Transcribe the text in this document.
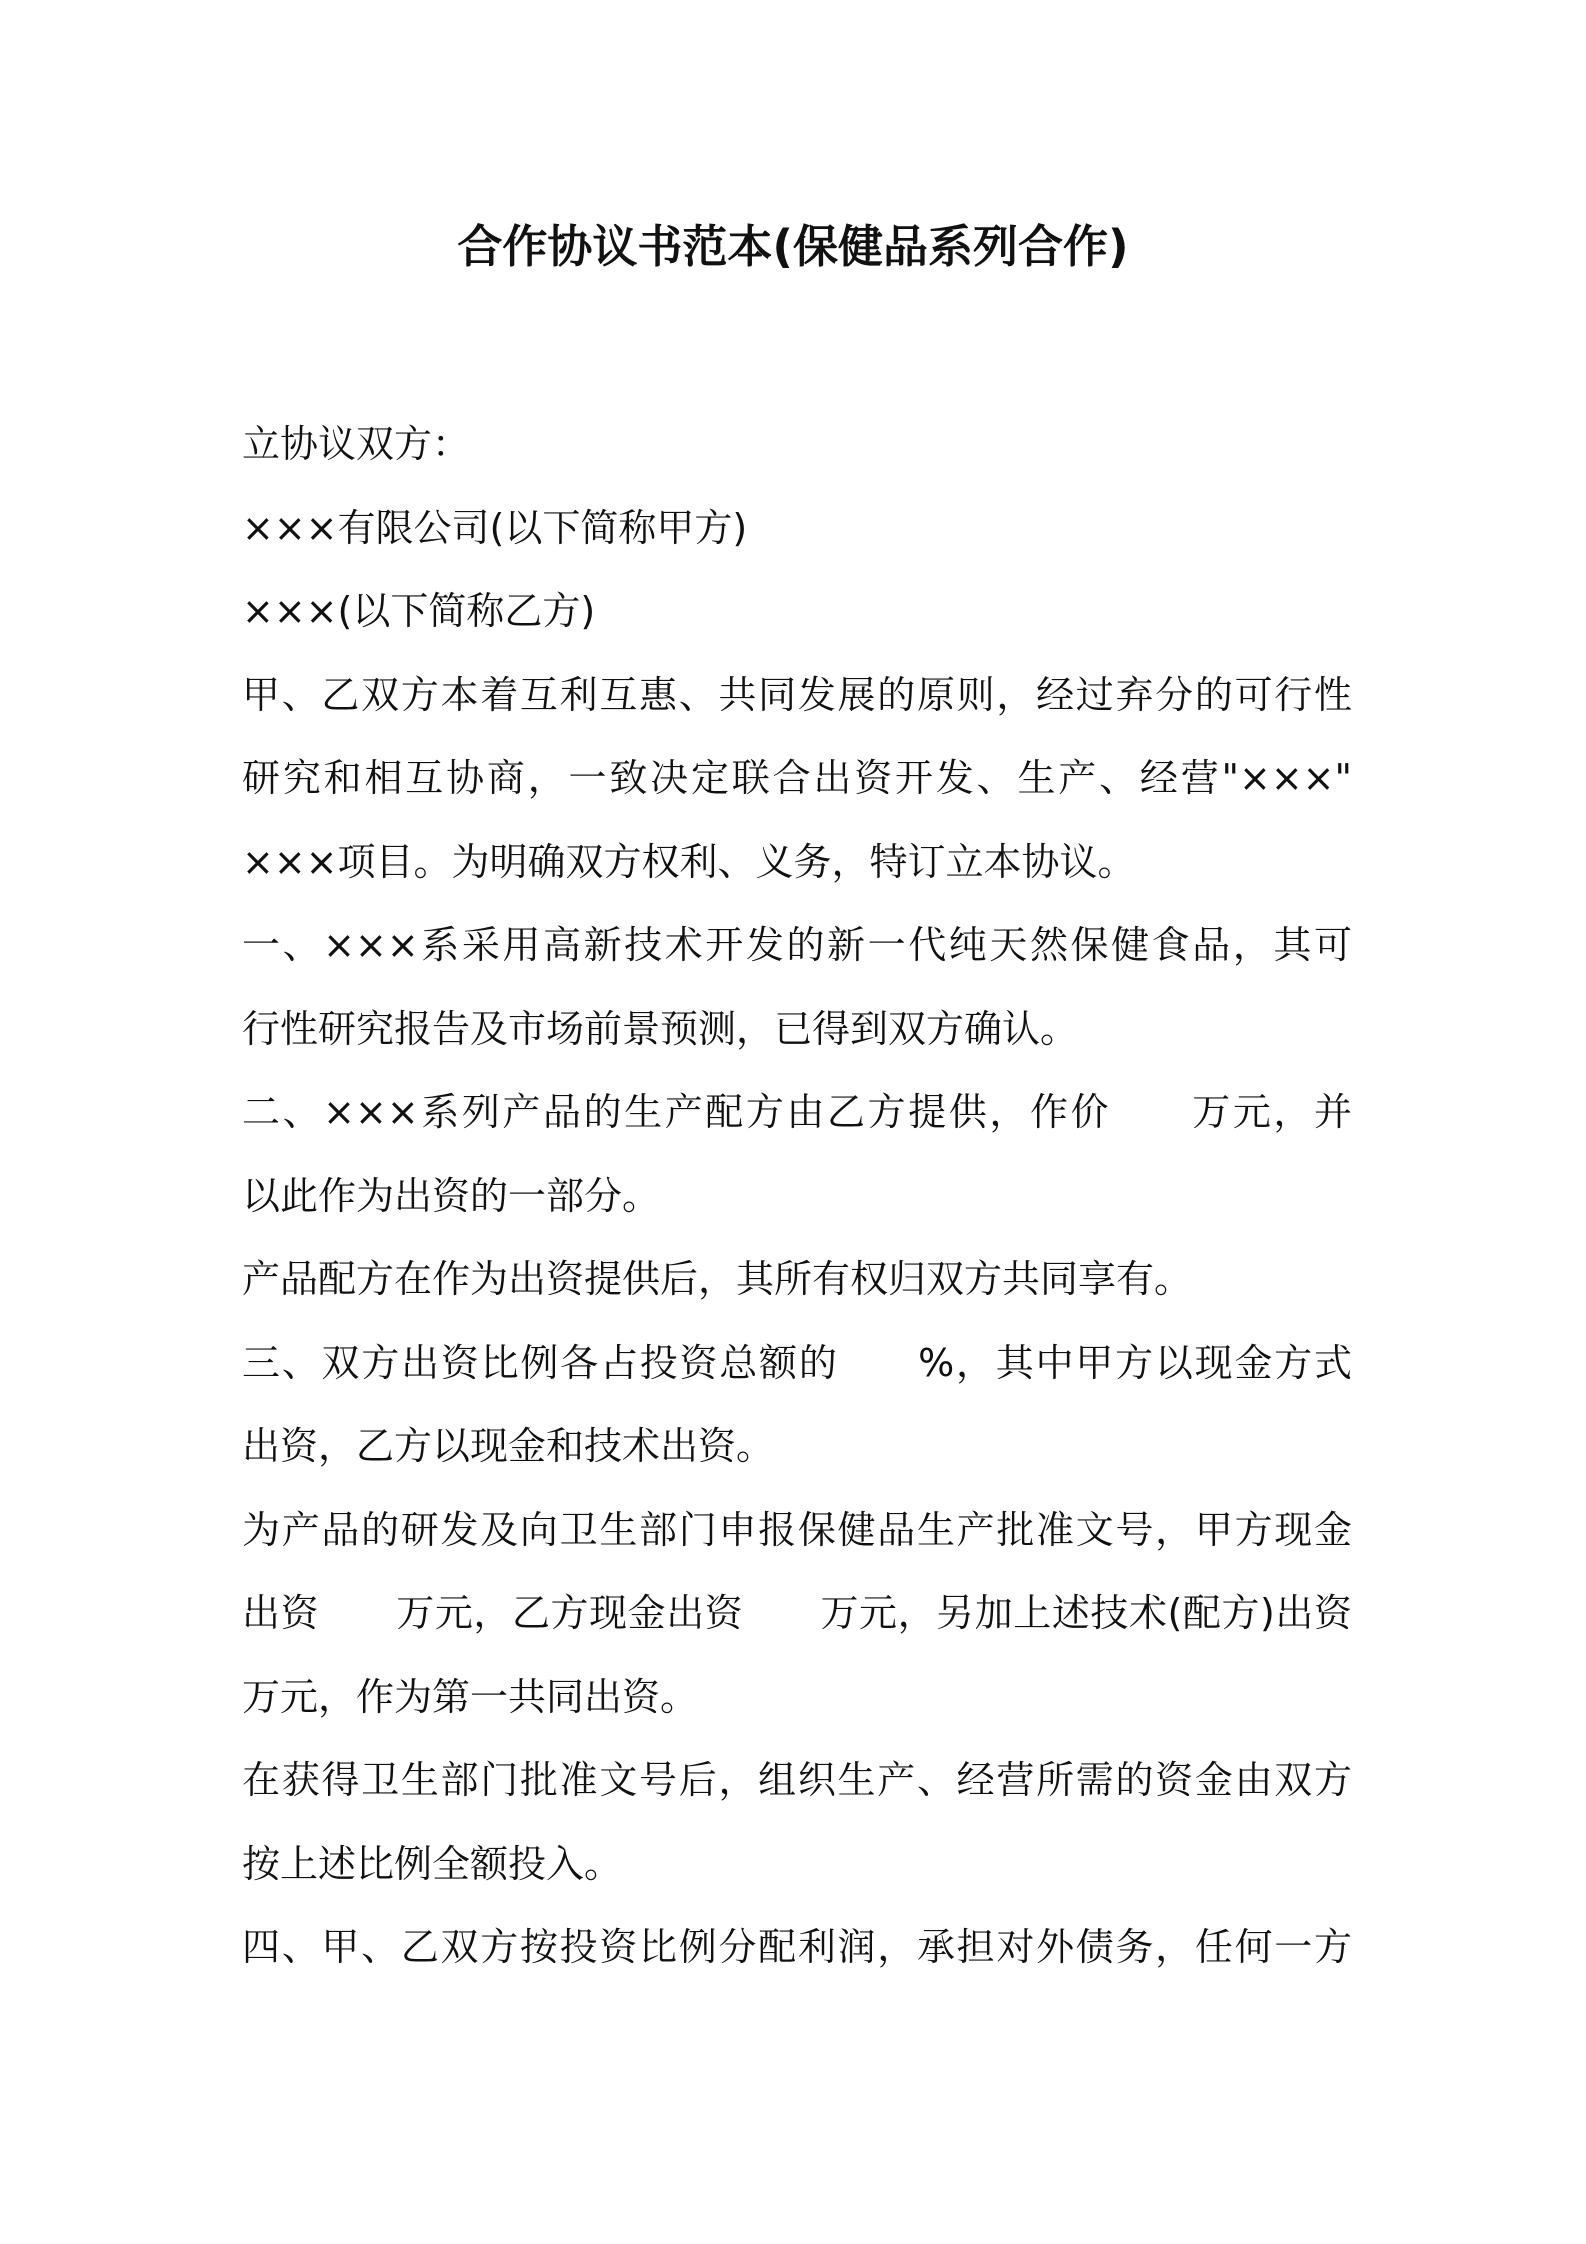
合作协议书范本(保健品系列合作)
立协议双方：
×××有限公司(以下简称甲方)
×××(以下简称乙方)
甲、乙双方本着互利互惠、共同发展的原则，经过弃分的可行性
研究和相互协商，一致决定联合出资开发、生产、经营"×××"
×××项目。为明确双方权利、义务，特订立本协议。
一、×××系采用高新技术开发的新一代纯天然保健食品，其可
行性研究报告及市场前景预测，已得到双方确认。
二、×××系列产品的生产配方由乙方提供，作价　　万元，并
以此作为出资的一部分。
产品配方在作为出资提供后，其所有权归双方共同享有。
三、双方出资比例各占投资总额的　　%，其中甲方以现金方式
出资，乙方以现金和技术出资。
为产品的研发及向卫生部门申报保健品生产批准文号，甲方现金
出资　　万元，乙方现金出资　　万元，另加上述技术(配方)出资
万元，作为第一共同出资。
在获得卫生部门批准文号后，组织生产、经营所需的资金由双方
按上述比例全额投入。
四、甲、乙双方按投资比例分配利润，承担对外债务，任何一方
